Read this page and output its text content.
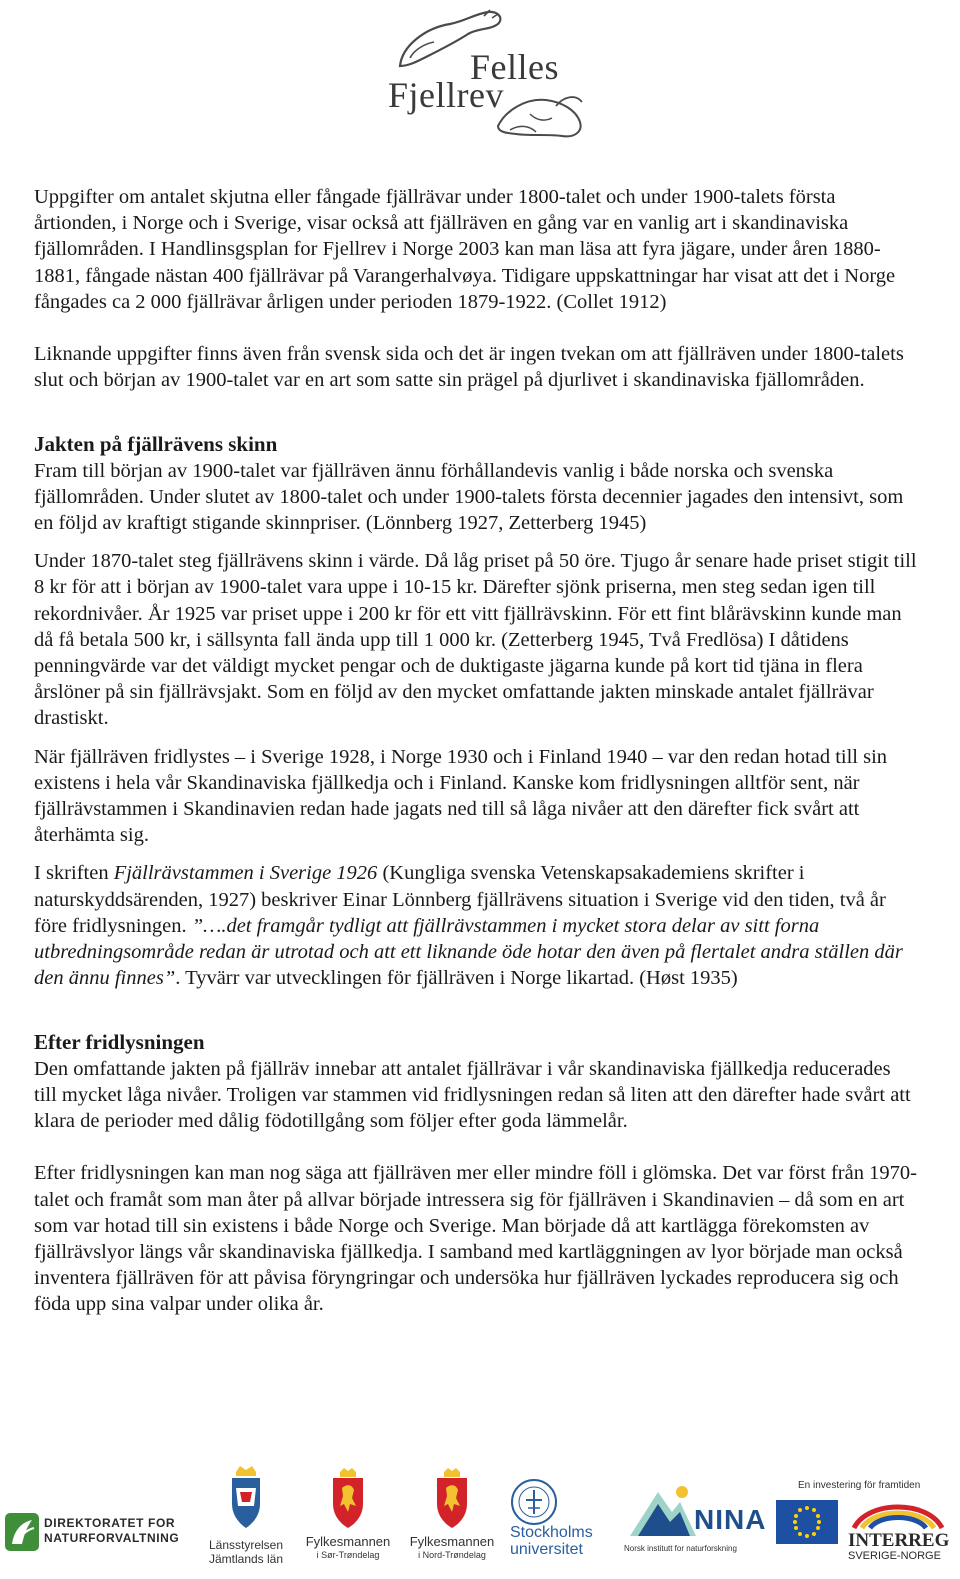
Felles
Fjellrev

Uppgifter om antalet skjutna eller fångade fjällrävar under 1800-talet och under 1900-talets första årtionden, i Norge och i Sverige, visar också att fjällräven en gång var en vanlig art i skandinaviska fjällområden. I Handlinsgsplan for Fjellrev i Norge 2003 kan man läsa att fyra jägare, under åren 1880-1881, fångade nästan 400 fjällrävar på Varangerhalvøya. Tidigare uppskattningar har visat att det i Norge fångades ca 2 000 fjällrävar årligen under perioden 1879-1922. (Collet 1912)

Liknande uppgifter finns även från svensk sida och det är ingen tvekan om att fjällräven under 1800-talets slut och början av 1900-talet var en art som satte sin prägel på djurlivet i skandinaviska fjällområden.

Jakten på fjällrävens skinn

Fram till början av 1900-talet var fjällräven ännu förhållandevis vanlig i både norska och svenska fjällområden. Under slutet av 1800-talet och under 1900-talets första decennier jagades den intensivt, som en följd av kraftigt stigande skinnpriser. (Lönnberg 1927, Zetterberg 1945)

Under 1870-talet steg fjällrävens skinn i värde. Då låg priset på 50 öre. Tjugo år senare hade priset stigit till 8 kr för att i början av 1900-talet vara uppe i 10-15 kr. Därefter sjönk priserna, men steg sedan igen till rekordnivåer. År 1925 var priset uppe i 200 kr för ett vitt fjällrävskinn. För ett fint blårävskinn kunde man då få betala 500 kr, i sällsynta fall ända upp till 1 000 kr. (Zetterberg 1945, Två Fredlösa) I dåtidens penningvärde var det väldigt mycket pengar och de duktigaste jägarna kunde på kort tid tjäna in flera årslöner på sin fjällrävsjakt. Som en följd av den mycket omfattande jakten minskade antalet fjällrävar drastiskt.

När fjällräven fridlystes – i Sverige 1928, i Norge 1930 och i Finland 1940 – var den redan hotad till sin existens i hela vår Skandinaviska fjällkedja och i Finland. Kanske kom fridlysningen alltför sent, när fjällrävstammen i Skandinavien redan hade jagats ned till så låga nivåer att den därefter fick svårt att återhämta sig.

I skriften Fjällrävstammen i Sverige 1926 (Kungliga svenska Vetenskapsakademiens skrifter i naturskyddsärenden, 1927) beskriver Einar Lönnberg fjällrävens situation i Sverige vid den tiden, två år före fridlysningen. ”….det framgår tydligt att fjällrävstammen i mycket stora delar av sitt forna utbredningsområde redan är utrotad och att ett liknande öde hotar den även på flertalet andra ställen där den ännu finnes”. Tyvärr var utvecklingen för fjällräven i Norge likartad. (Høst 1935)

Efter fridlysningen

Den omfattande jakten på fjällräv innebar att antalet fjällrävar i vår skandinaviska fjällkedja reducerades till mycket låga nivåer. Troligen var stammen vid fridlysningen redan så liten att den därefter hade svårt att klara de perioder med dålig födotillgång som följer efter goda lämmelår.

Efter fridlysningen kan man nog säga att fjällräven mer eller mindre föll i glömska. Det var först från 1970-talet och framåt som man åter på allvar började intressera sig för fjällräven i Skandinavien – då som en art som var hotad till sin existens i både Norge och Sverige. Man började då att kartlägga förekomsten av fjällrävslyor längs vår skandinaviska fjällkedja. I samband med kartläggningen av lyor började man också inventera fjällräven för att påvisa föryngringar och undersöka hur fjällräven lyckades reproducera sig och föda upp sina valpar under olika år.

DIREKTORATET FOR
NATURFORVALTNING	Länsstyrelsen
Jämtlands län
Fylkesmannen
i Sør-Trøndelag
Fylkesmannen
i Nord-Trøndelag
Stockholms
universitet
NINA
Norsk institutt for naturforskning
En investering för framtiden
INTERREG
SVERIGE-NORGE
